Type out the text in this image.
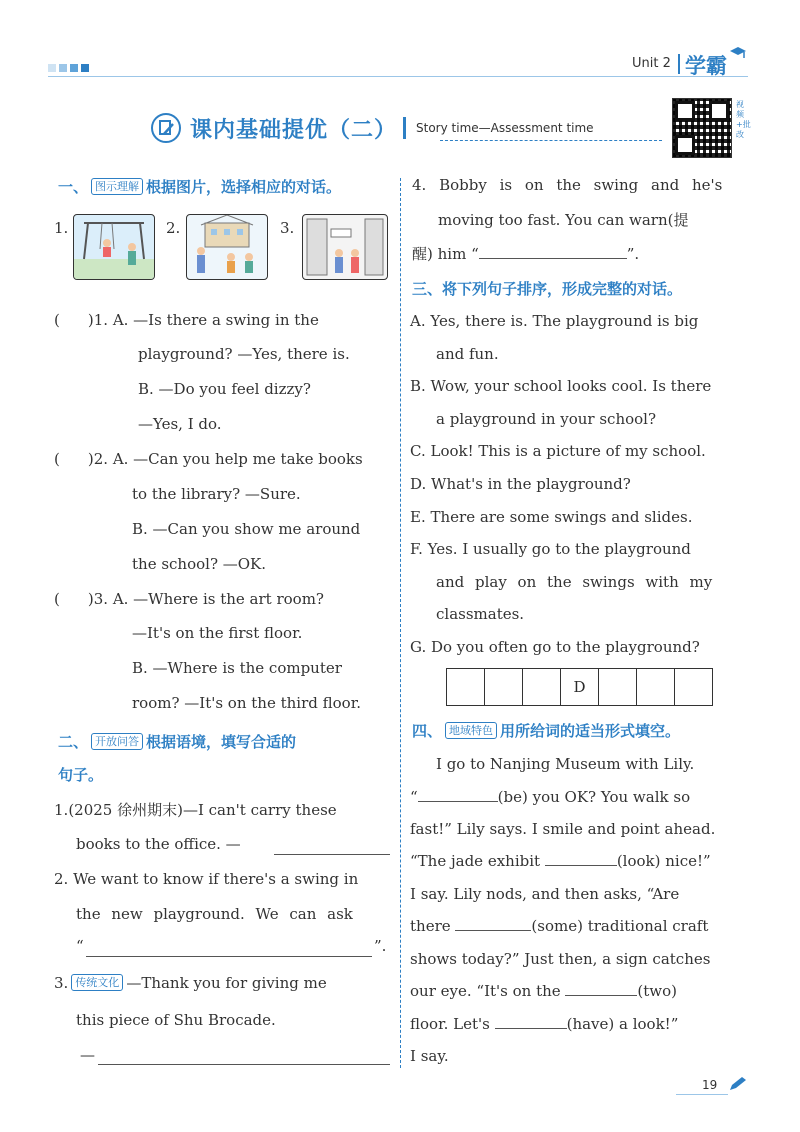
Unit 2 学霸
课内基础提优（二） Story time—Assessment time
视频+批改
一、 图示理解 根据图片，选择相应的对话。
1.	2.	3.
( )1. A. —Is there a swing in the
playground? —Yes, there is.
B. —Do you feel dizzy?
—Yes, I do.
( )2. A. —Can you help me take books
to the library? —Sure.
B. —Can you show me around
the school? —OK.
( )3. A. —Where is the art room?
—It's on the first floor.
B. —Where is the computer
room? —It's on the third floor.
二、 开放问答 根据语境，填写合适的
句子。
1.(2025 徐州期末)—I can't carry these
books to the office. —
2. We want to know if there's a swing in
the new playground. We can ask
“	”.
3. 传统文化 —Thank you for giving me
this piece of Shu Brocade.
—
4. Bobby is on the swing and he's
moving too fast. You can warn(提
醒) him “	”.
三、将下列句子排序，形成完整的对话。
A. Yes, there is. The playground is big
and fun.
B. Wow, your school looks cool. Is there
a playground in your school?
C. Look! This is a picture of my school.
D. What's in the playground?
E. There are some swings and slides.
F. Yes. I usually go to the playground
and play on the swings with my
classmates.
G. Do you often go to the playground?
D
四、 地域特色 用所给词的适当形式填空。
I go to Nanjing Museum with Lily.
“	(be) you OK? You walk so
fast!” Lily says. I smile and point ahead.
“The jade exhibit	(look) nice!”
I say. Lily nods, and then asks, “Are
there	(some) traditional craft
shows today?” Just then, a sign catches
our eye. “It's on the	(two)
floor. Let's	(have) a look!”
I say.
19
